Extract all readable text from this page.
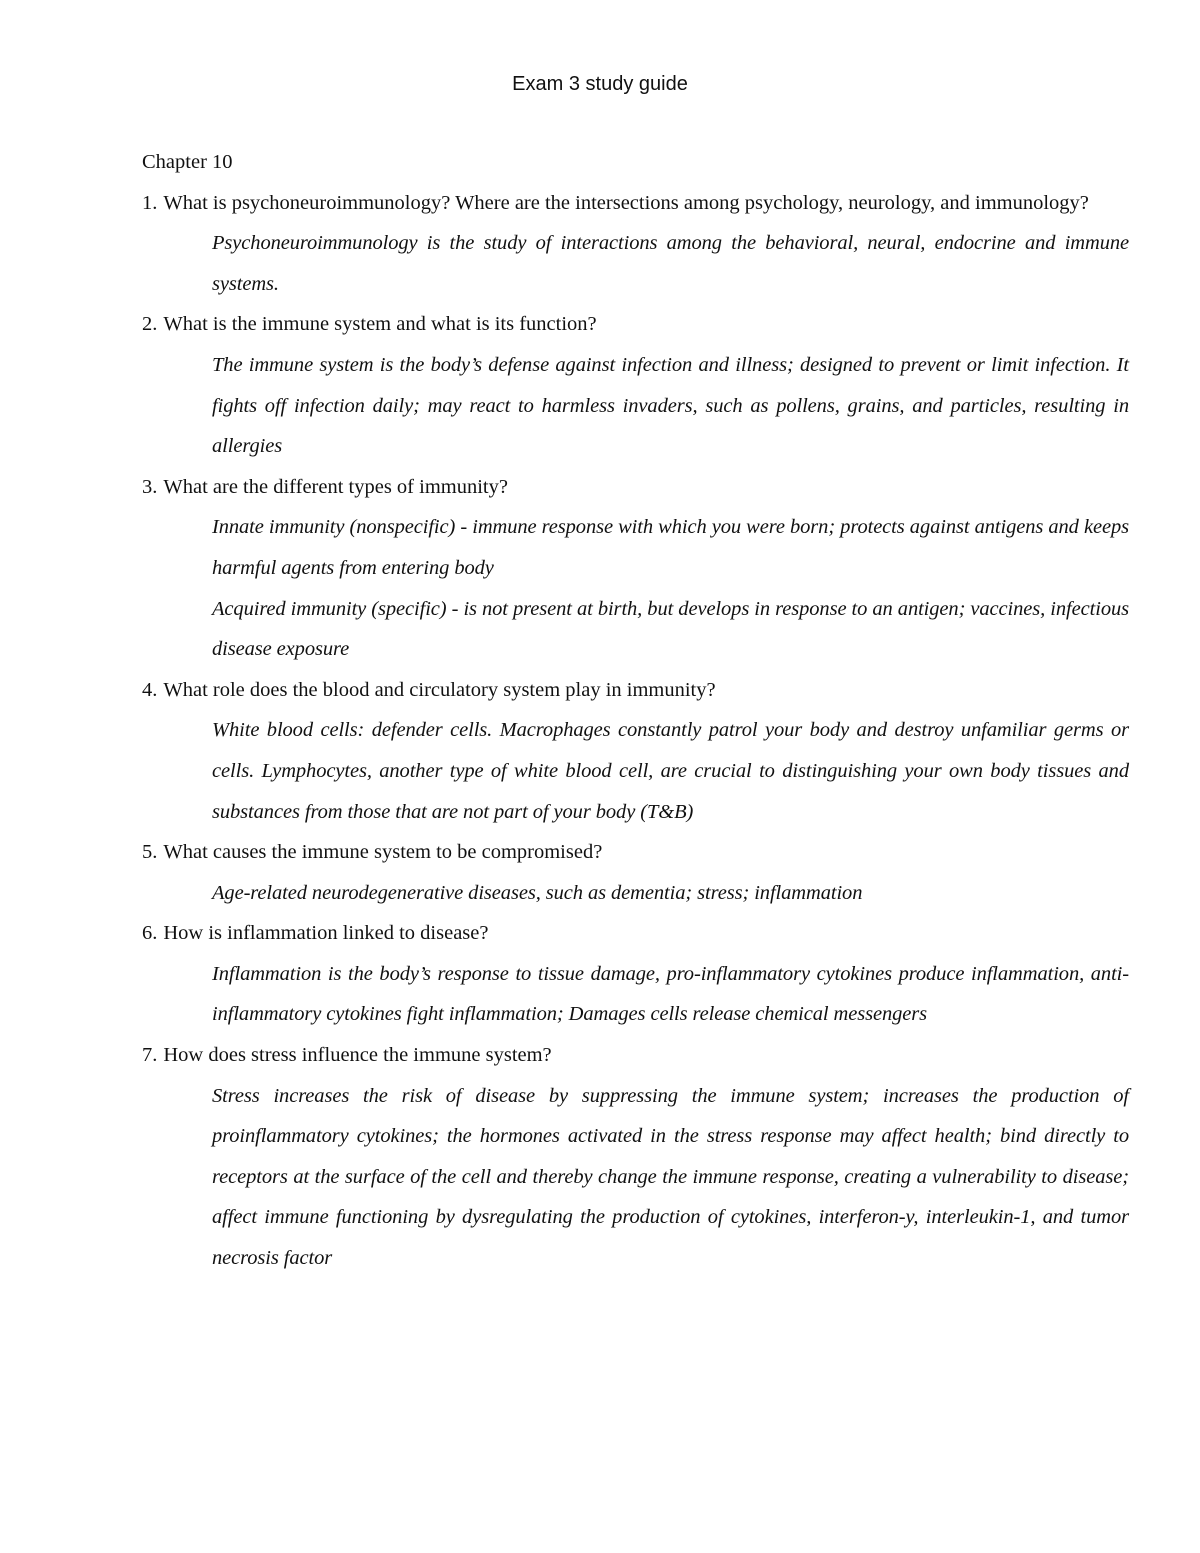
Exam 3 study guide

Chapter 10

1. What is psychoneuroimmunology? Where are the intersections among psychology, neurology, and immunology?

Psychoneuroimmunology is the study of interactions among the behavioral, neural, endocrine and immune systems.

2. What is the immune system and what is its function?

The immune system is the body’s defense against infection and illness; designed to prevent or limit infection. It fights off infection daily; may react to harmless invaders, such as pollens, grains, and particles, resulting in allergies

3. What are the different types of immunity?

Innate immunity (nonspecific) - immune response with which you were born; protects against antigens and keeps harmful agents from entering body

Acquired immunity (specific) - is not present at birth, but develops in response to an antigen; vaccines, infectious disease exposure

4. What role does the blood and circulatory system play in immunity?

White blood cells: defender cells. Macrophages constantly patrol your body and destroy unfamiliar germs or cells. Lymphocytes, another type of white blood cell, are crucial to distinguishing your own body tissues and substances from those that are not part of your body (T&B)

5. What causes the immune system to be compromised?

Age-related neurodegenerative diseases, such as dementia; stress; inflammation

6. How is inflammation linked to disease?

Inflammation is the body’s response to tissue damage, pro-inflammatory cytokines produce inflammation, anti-inflammatory cytokines fight inflammation; Damages cells release chemical messengers

7. How does stress influence the immune system?

Stress increases the risk of disease by suppressing the immune system; increases the production of proinflammatory cytokines; the hormones activated in the stress response may affect health; bind directly to receptors at the surface of the cell and thereby change the immune response, creating a vulnerability to disease; affect immune functioning by dysregulating the production of cytokines, interferon-y, interleukin-1, and tumor necrosis factor
